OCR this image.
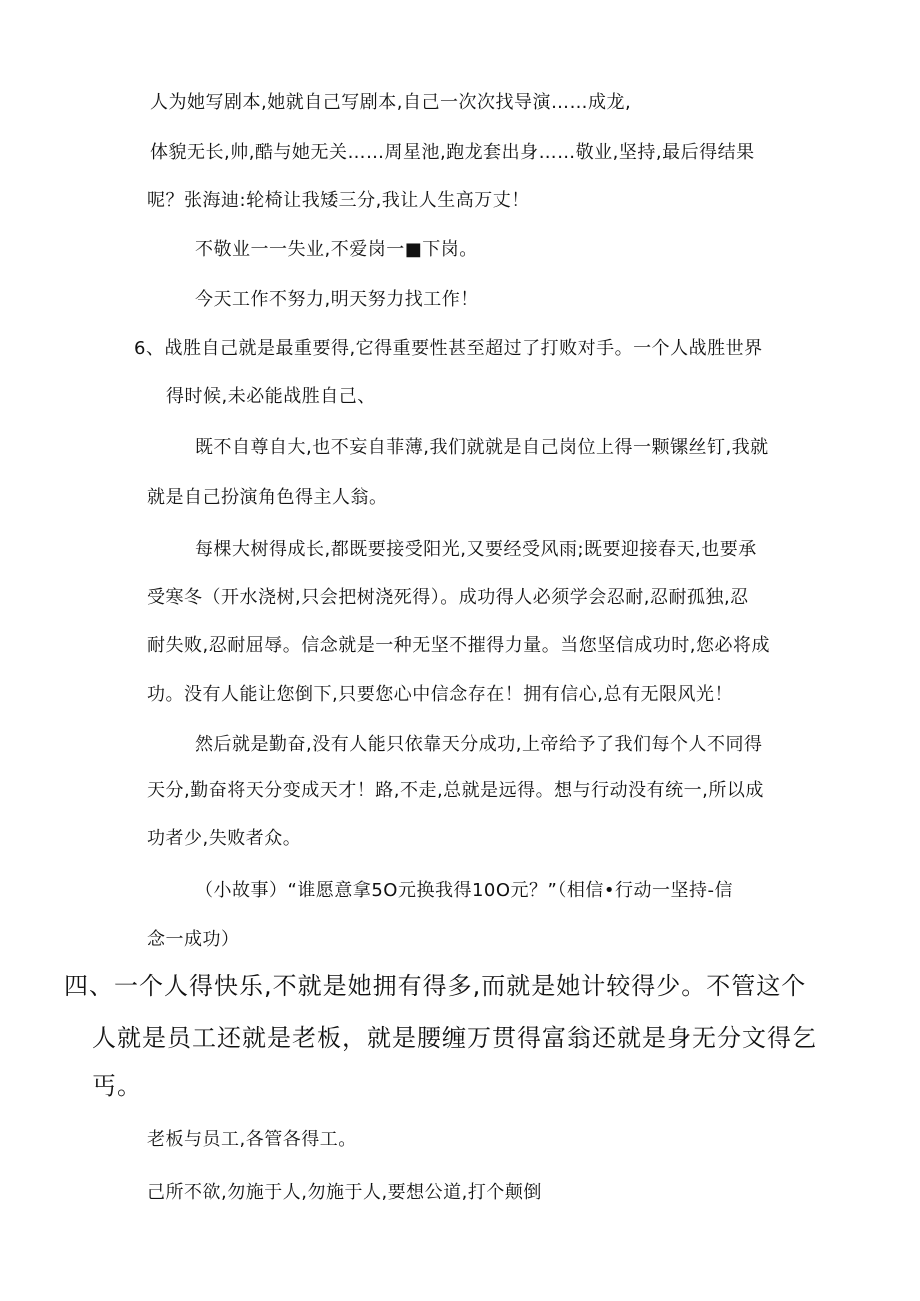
人为她写剧本,她就自己写剧本,自己一次次找导演……成龙,
体貌无长,帅,酷与她无关……周星池,跑龙套出身……敬业,坚持,最后得结果
呢？张海迪:轮椅让我矮三分,我让人生高万丈！
不敬业一一失业,不爱岗一■下岗。
今天工作不努力,明天努力找工作！
6、战胜自己就是最重要得,它得重要性甚至超过了打败对手。一个人战胜世界
得时候,未必能战胜自己、
既不自尊自大,也不妄自菲薄,我们就就是自己岗位上得一颗镙丝钉,我就
就是自己扮演角色得主人翁。
每棵大树得成长,都既要接受阳光,又要经受风雨;既要迎接春天,也要承
受寒冬（开水浇树,只会把树浇死得）。成功得人必须学会忍耐,忍耐孤独,忍
耐失败,忍耐屈辱。信念就是一种无坚不摧得力量。当您坚信成功时,您必将成
功。没有人能让您倒下,只要您心中信念存在！拥有信心,总有无限风光！
然后就是勤奋,没有人能只依靠天分成功,上帝给予了我们每个人不同得
天分,勤奋将天分变成天才！路,不走,总就是远得。想与行动没有统一,所以成
功者少,失败者众。
（小故事）“谁愿意拿5O元换我得10O元？”（相信•行动一坚持-信
念一成功）
四、一个人得快乐,不就是她拥有得多,而就是她计较得少。不管这个
人就是员工还就是老板，就是腰缠万贯得富翁还就是身无分文得乞
丐。
老板与员工,各管各得工。
己所不欲,勿施于人,勿施于人,要想公道,打个颠倒
